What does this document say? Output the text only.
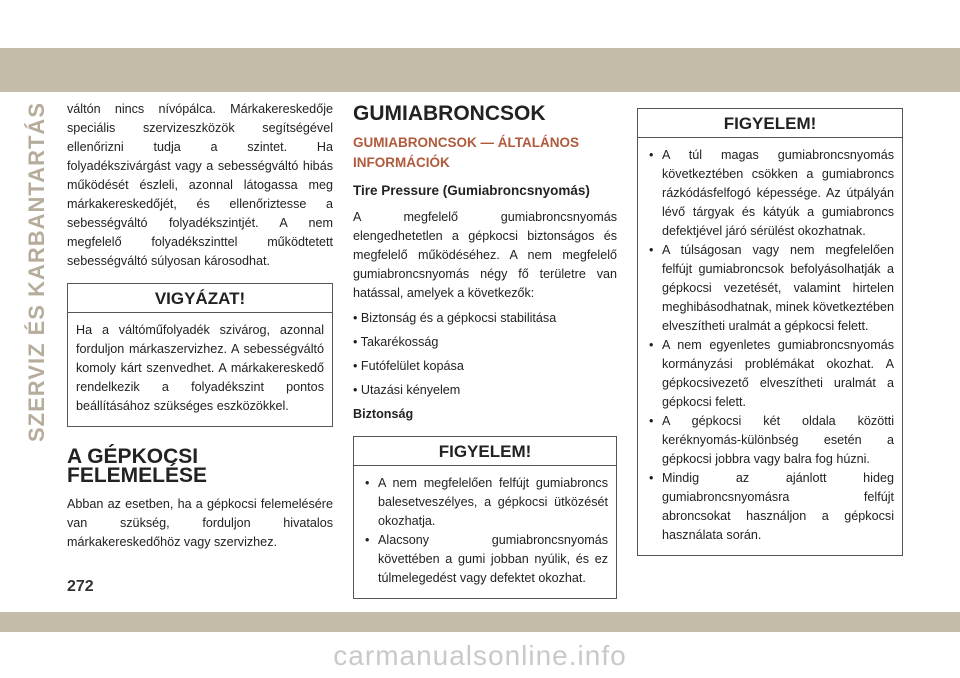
SZERVIZ ÉS KARBANTARTÁS váltón nincs nívópálca. Márkakereskedője speciális szervizeszközök segítségével ellenőrizni tudja a szintet. Ha folyadékszivárgást vagy a sebességváltó hibás működését észleli, azonnal látogassa meg márkakereskedőjét, és ellenőriztesse a sebességváltó folyadékszintjét. A nem megfelelő folyadékszinttel működtetett sebességváltó súlyosan károsodhat.

VIGYÁZAT!
Ha a váltóműfolyadék szivárog, azonnal forduljon márkaszervizhez. A sebességváltó komoly kárt szenvedhet. A márkakereskedő rendelkezik a folyadékszint pontos beállításához szükséges eszközökkel.
A GÉPKOCSI FELEMELÉSE

Abban az esetben, ha a gépkocsi felemelésére van szükség, forduljon hivatalos márkakereskedőhöz vagy szervizhez.

GUMIABRONCSOK
GUMIABRONCSOK — ÁLTALÁNOS INFORMÁCIÓK
Tire Pressure (Gumiabroncsnyomás)

A megfelelő gumiabroncsnyomás elengedhetetlen a gépkocsi biztonságos és megfelelő működéséhez. A nem megfelelő gumiabroncsnyomás négy fő területre van hatással, amelyek a következők:

• Biztonság és a gépkocsi stabilitása
• Takarékosság
• Futófelület kopása
• Utazási kényelem
Biztonság
FIGYELEM!
• A nem megfelelően felfújt gumiabroncs balesetveszélyes, a gépkocsi ütközését okozhatja.
• Alacsony gumiabroncsnyomás követtében a gumi jobban nyúlik, és ez túlmelegedést vagy defektet okozhat.
FIGYELEM!
• A túl magas gumiabroncsnyomás következtében csökken a gumiabroncs rázkódásfelfogó képessége. Az útpályán lévő tárgyak és kátyúk a gumiabroncs defektjével járó sérülést okozhatnak.
• A túlságosan vagy nem megfelelően felfújt gumiabroncsok befolyásolhatják a gépkocsi vezetését, valamint hirtelen meghibásodhatnak, minek következtében elveszítheti uralmát a gépkocsi felett.
• A nem egyenletes gumiabroncsnyomás kormányzási problémákat okozhat. A gépkocsivezető elveszítheti uralmát a gépkocsi felett.
• A gépkocsi két oldala közötti keréknyomás-különbség esetén a gépkocsi jobbra vagy balra fog húzni.
• Mindig az ajánlott hideg gumiabroncsnyomásra felfújt abroncsokat használjon a gépkocsi használata során.
272
carmanualsonline.info
